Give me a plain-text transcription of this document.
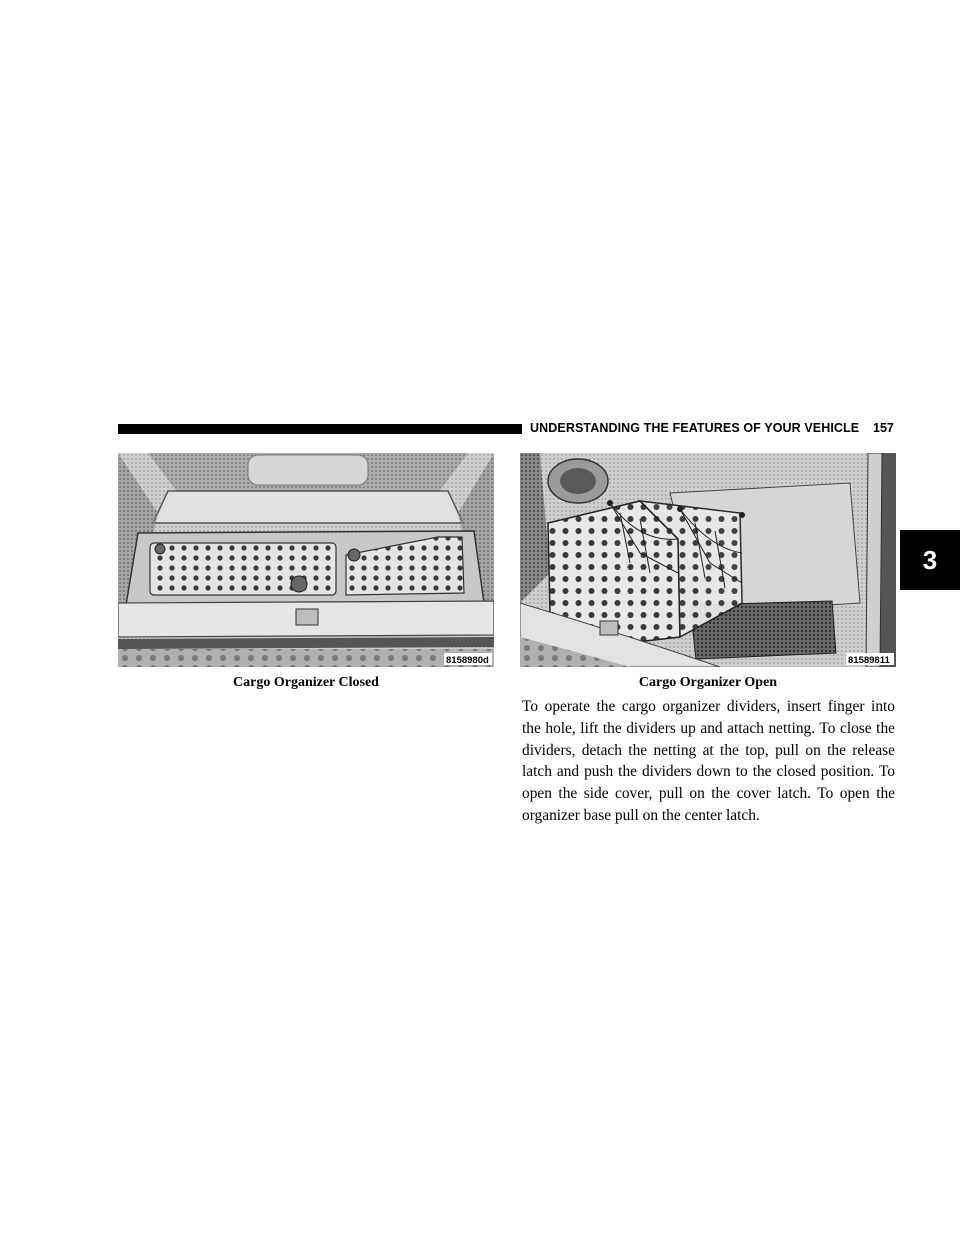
UNDERSTANDING THE FEATURES OF YOUR VEHICLE 157
3
8158980d
Cargo Organizer Closed
81589811
Cargo Organizer Open
To operate the cargo organizer dividers, insert finger into the hole, lift the dividers up and attach netting. To close the dividers, detach the netting at the top, pull on the release latch and push the dividers down to the closed position. To open the side cover, pull on the cover latch. To open the organizer base pull on the center latch.
